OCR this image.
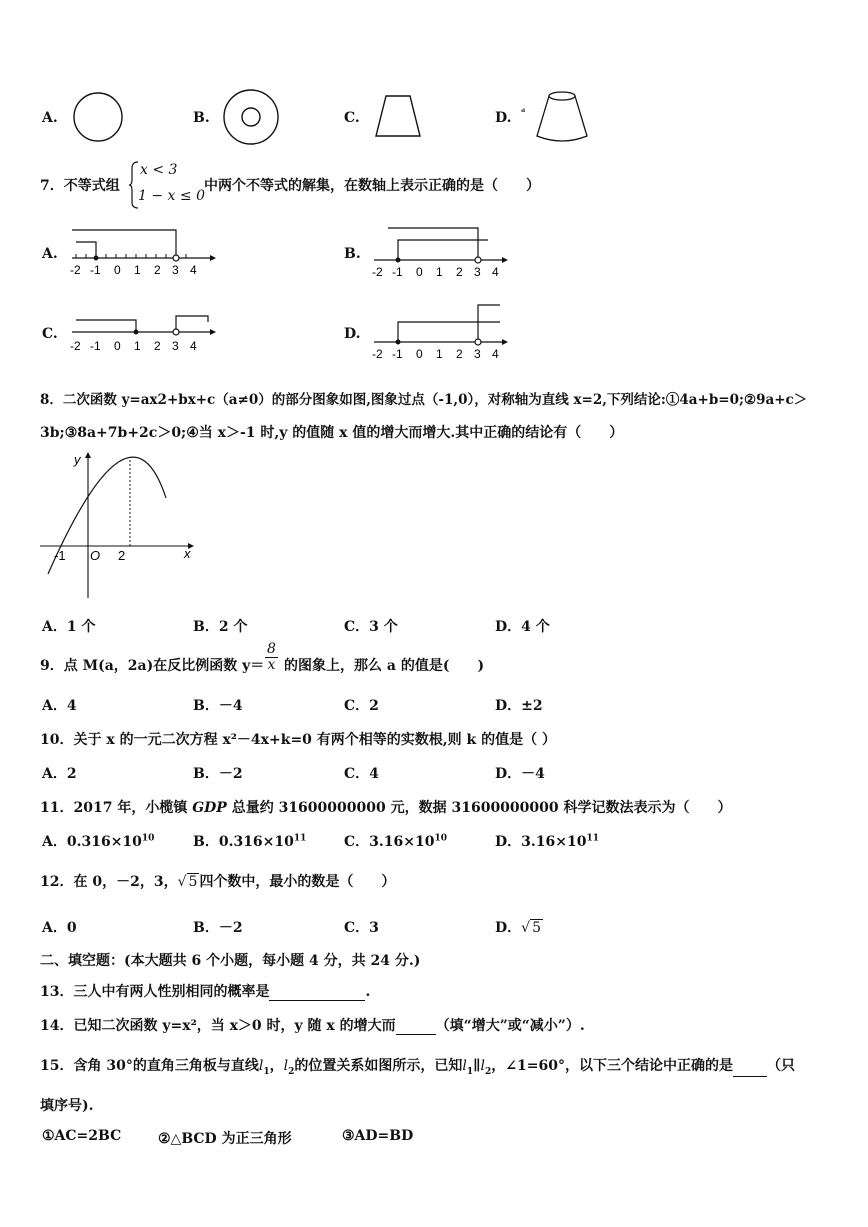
A.	B.	C.	D. ᵈ
7．不等式组
x < 3
1 − x ≤ 0
中两个不等式的解集，在数轴上表示正确的是（　　）
A.
-2 -1 0 1 2 3 4
B.
-2 -1 0 1 2 3 4
C.
-2 -1 0 1 2 3 4
D.
-2 -1 0 1 2 3 4
8．二次函数 y=ax2+bx+c（a≠0）的部分图象如图,图象过点（-1,0），对称轴为直线 x=2,下列结论:①4a+b=0;②9a+c＞
3b;③8a+7b+2c＞0;④当 x＞-1 时,y 的值随 x 值的增大而增大.其中正确的结论有（　　）
y
x
-1 O 2
A．1 个	B．2 个	C．3 个	D．4 个
9．点 M(a，2a)在反比例函数 $y= \frac{8}{x}$ 的图象上，那么 a 的值是(　　)
A．4	B．－4	C．2	D．±2
10．关于 x 的一元二次方程 x²－4x+k=0 有两个相等的实数根,则 k 的值是（ ）
A．2	B．－2	C．4	D．－4
11．2017 年，小榄镇 GDP 总量约 31600000000 元，数据 31600000000 科学记数法表示为（　　）
A．$0.316\times 10^{10}$	B．$0.316\times 10^{11}$	C．$3.16\times 10^{10}$	D．$3.16\times 10^{11}$
12．在 0，－2，3，√ 5 四个数中，最小的数是（　　）
A．0	B．－2	C．3	D．√ 5
二、填空题：(本大题共 6 个小题，每小题 4 分，共 24 分.)
13．三人中有两人性别相同的概率是	.
14．已知二次函数 y=x²，当 x＞0 时，y 随 x 的增大而	（填“增大”或“减小”）.
15．含角 30°的直角三角板与直线$l_1$，$l_2$的位置关系如图所示，已知$l_1\parallel l_2$，∠1=60°，以下三个结论中正确的是 （只
填序号).
①AC=2BC	②△BCD 为正三角形	③AD=BD
